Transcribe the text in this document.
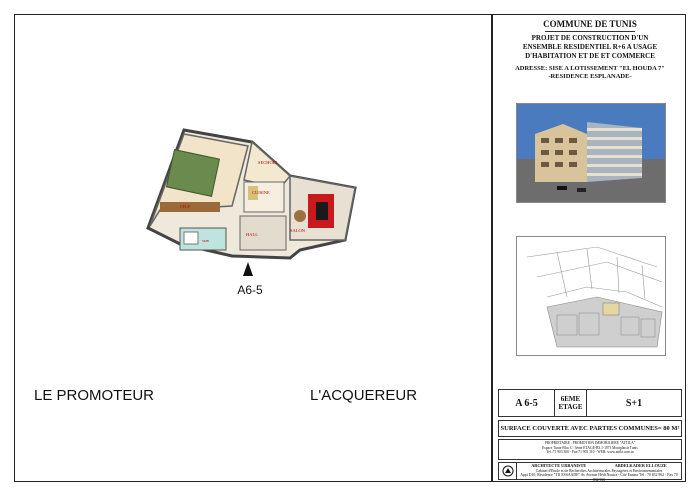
SECHOIR
CUISINE
CH.P
SALON
HALL
SDB
A6-5
LE PROMOTEUR	L'ACQUEREUR
COMMUNE DE TUNIS
PROJET DE CONSTRUCTION D'UN
ENSEMBLE RESIDENTIEL R+6 A USAGE
D'HABITATION ET DE ET COMMERCE
ADRESSE: SISE A LOTISSEMENT "EL HOUDA 7"
-RESIDENCE ESPLANADE-
A 6-5	6EME
ETAGE	S+1
SURFACE COUVERTE AVEC PARTIES COMMUNES= 80 M²
PROPRIETAIRE : PROMOTION IMMOBILIERE "ATTILA"
Espace Tunis-Bloc C- 3ème ETAGE-B3.1-1073 Montplaisir Tunis
Tel.:71 903 300 - Fax:71 903 310 - WEB: www.attila.com.tn
ARCHITECTE URBANISTE	ABDELKADER ELLOUZE
Cabinet d'Etude et de Recherches Architecturales Paysagères et Environnementales
Appt D10, Résidence "TIJ ESSAADE" Av Avenue Hédi Nouira - Cité Ennasr Tél : 70 832 962 - Fax 70 832 963
